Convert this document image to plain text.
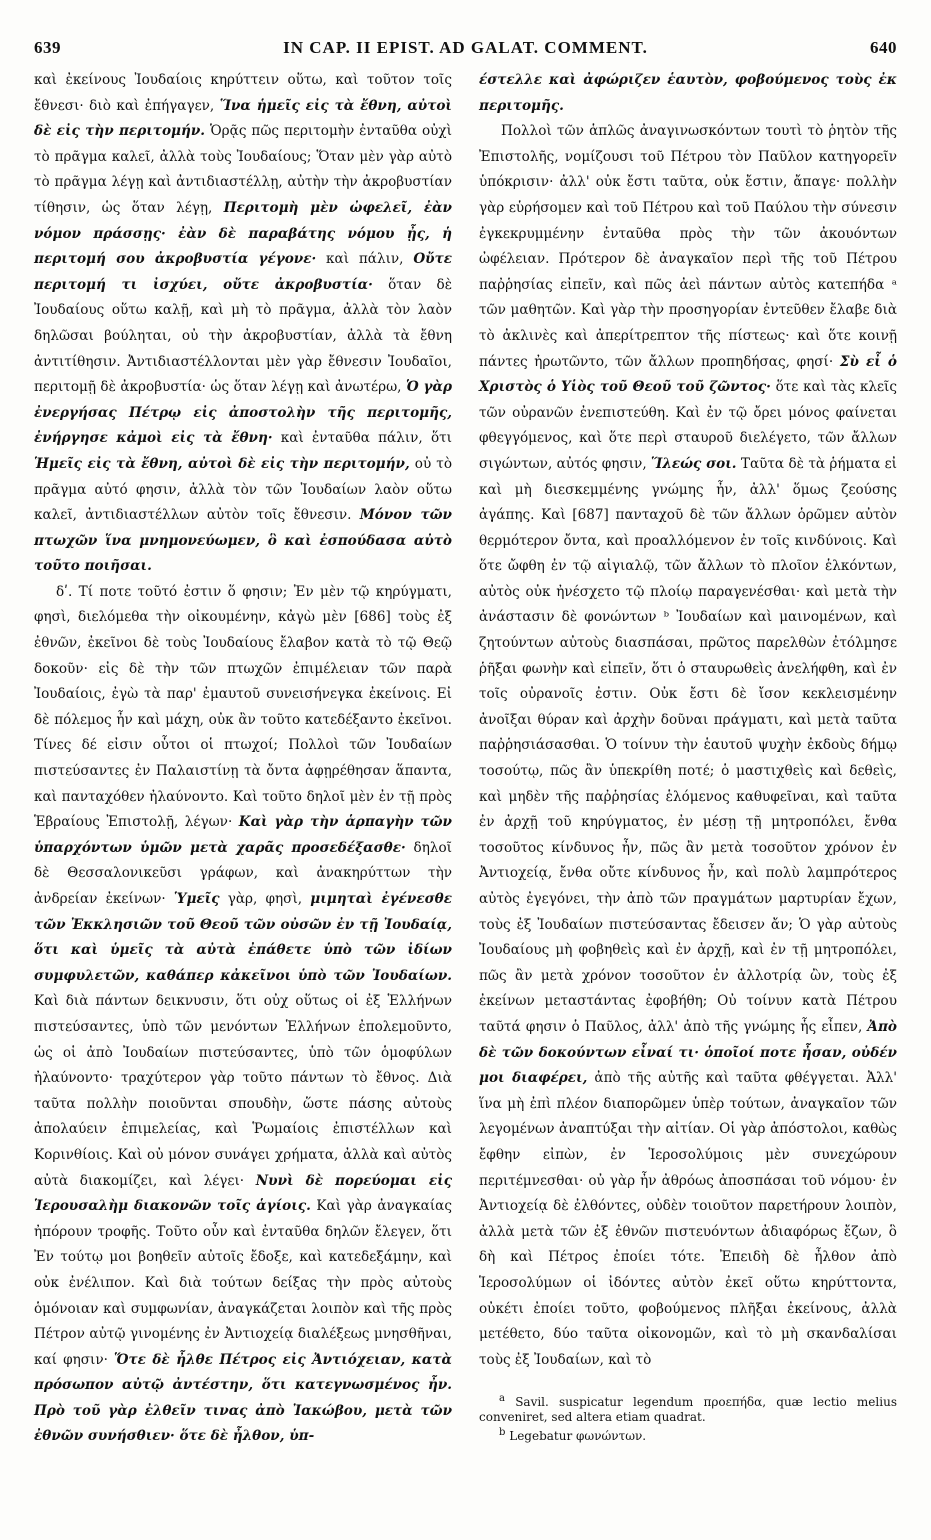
639	IN CAP. II EPIST. AD GALAT. COMMENT.	640

καὶ ἐκείνους Ἰουδαίοις κηρύττειν οὕτω, καὶ τοῦτον τοῖς ἔθνεσι· διὸ καὶ ἐπήγαγεν, Ἵνα ἡμεῖς εἰς τὰ ἔθνη, αὐτοὶ δὲ εἰς τὴν περιτομήν. Ὁρᾷς πῶς περιτομὴν ἐνταῦθα οὐχὶ τὸ πρᾶγμα καλεῖ, ἀλλὰ τοὺς Ἰουδαίους; Ὅταν μὲν γὰρ αὐτὸ τὸ πρᾶγμα λέγῃ καὶ ἀντιδιαστέλλῃ, αὐτὴν τὴν ἀκροβυστίαν τίθησιν, ὡς ὅταν λέγῃ, Περιτομὴ μὲν ὠφελεῖ, ἐὰν νόμον πράσσῃς· ἐὰν δὲ παραβάτης νόμου ᾖς, ἡ περιτομή σου ἀκροβυστία γέγονε· καὶ πάλιν, Οὔτε περιτομή τι ἰσχύει, οὔτε ἀκροβυστία· ὅταν δὲ Ἰουδαίους οὕτω καλῇ, καὶ μὴ τὸ πρᾶγμα, ἀλλὰ τὸν λαὸν δηλῶσαι βούληται, οὐ τὴν ἀκροβυστίαν, ἀλλὰ τὰ ἔθνη ἀντιτίθησιν. Ἀντιδιαστέλλονται μὲν γὰρ ἔθνεσιν Ἰουδαῖοι, περιτομῇ δὲ ἀκροβυστία· ὡς ὅταν λέγῃ καὶ ἀνωτέρω, Ὁ γὰρ ἐνεργήσας Πέτρῳ εἰς ἀποστολὴν τῆς περιτομῆς, ἐνήργησε κἀμοὶ εἰς τὰ ἔθνη· καὶ ἐνταῦθα πάλιν, ὅτι Ἡμεῖς εἰς τὰ ἔθνη, αὐτοὶ δὲ εἰς τὴν περιτομήν, οὐ τὸ πρᾶγμα αὐτό φησιν, ἀλλὰ τὸν τῶν Ἰουδαίων λαὸν οὕτω καλεῖ, ἀντιδιαστέλλων αὐτὸν τοῖς ἔθνεσιν. Μόνον τῶν πτωχῶν ἵνα μνημονεύωμεν, ὃ καὶ ἐσπούδασα αὐτὸ τοῦτο ποιῆσαι.

δʹ. Τί ποτε τοῦτό ἐστιν ὅ φησιν; Ἐν μὲν τῷ κηρύγματι, φησὶ, διελόμεθα τὴν οἰκουμένην, κἀγὼ μὲν [686] τοὺς ἐξ ἐθνῶν, ἐκεῖνοι δὲ τοὺς Ἰουδαίους ἔλαβον κατὰ τὸ τῷ Θεῷ δοκοῦν· εἰς δὲ τὴν τῶν πτωχῶν ἐπιμέλειαν τῶν παρὰ Ἰουδαίοις, ἐγὼ τὰ παρ' ἐμαυτοῦ συνεισήνεγκα ἐκείνοις. Εἰ δὲ πόλεμος ἦν καὶ μάχη, οὐκ ἂν τοῦτο κατεδέξαντο ἐκεῖνοι. Τίνες δέ εἰσιν οὗτοι οἱ πτωχοί; Πολλοὶ τῶν Ἰουδαίων πιστεύσαντες ἐν Παλαιστίνῃ τὰ ὄντα ἀφῃρέθησαν ἅπαντα, καὶ πανταχόθεν ἠλαύνοντο. Καὶ τοῦτο δηλοῖ μὲν ἐν τῇ πρὸς Ἑβραίους Ἐπιστολῇ, λέγων· Καὶ γὰρ τὴν ἁρπαγὴν τῶν ὑπαρχόντων ὑμῶν μετὰ χαρᾶς προσεδέξασθε· δηλοῖ δὲ Θεσσαλονικεῦσι γράφων, καὶ ἀνακηρύττων τὴν ἀνδρείαν ἐκείνων· Ὑμεῖς γὰρ, φησὶ, μιμηταὶ ἐγένεσθε τῶν Ἐκκλησιῶν τοῦ Θεοῦ τῶν οὐσῶν ἐν τῇ Ἰουδαίᾳ, ὅτι καὶ ὑμεῖς τὰ αὐτὰ ἐπάθετε ὑπὸ τῶν ἰδίων συμφυλετῶν, καθάπερ κἀκεῖνοι ὑπὸ τῶν Ἰουδαίων. Καὶ διὰ πάντων δεικνυσιν, ὅτι οὐχ οὕτως οἱ ἐξ Ἑλλήνων πιστεύσαντες, ὑπὸ τῶν μενόντων Ἑλλήνων ἐπολεμοῦντο, ὡς οἱ ἀπὸ Ἰουδαίων πιστεύσαντες, ὑπὸ τῶν ὁμοφύλων ἠλαύνοντο· τραχύτερον γὰρ τοῦτο πάντων τὸ ἔθνος. Διὰ ταῦτα πολλὴν ποιοῦνται σπουδὴν, ὥστε πάσης αὐτοὺς ἀπολαύειν ἐπιμελείας, καὶ Ῥωμαίοις ἐπιστέλλων καὶ Κορινθίοις. Καὶ οὐ μόνον συνάγει χρήματα, ἀλλὰ καὶ αὐτὸς αὐτὰ διακομίζει, καὶ λέγει· Νυνὶ δὲ πορεύομαι εἰς Ἱερουσαλὴμ διακονῶν τοῖς ἁγίοις. Καὶ γὰρ ἀναγκαίας ἠπόρουν τροφῆς. Τοῦτο οὖν καὶ ἐνταῦθα δηλῶν ἔλεγεν, ὅτι Ἐν τούτῳ μοι βοηθεῖν αὐτοῖς ἔδοξε, καὶ κατεδεξάμην, καὶ οὐκ ἐνέλιπον. Καὶ διὰ τούτων δείξας τὴν πρὸς αὐτοὺς ὁμόνοιαν καὶ συμφωνίαν, ἀναγκάζεται λοιπὸν καὶ τῆς πρὸς Πέτρον αὐτῷ γινομένης ἐν Ἀντιοχείᾳ διαλέξεως μνησθῆναι, καί φησιν· Ὅτε δὲ ἦλθε Πέτρος εἰς Ἀντιόχειαν, κατὰ πρόσωπον αὐτῷ ἀντέστην, ὅτι κατεγνωσμένος ἦν. Πρὸ τοῦ γὰρ ἐλθεῖν τινας ἀπὸ Ἰακώβου, μετὰ τῶν ἐθνῶν συνήσθιεν· ὅτε δὲ ἦλθον, ὑπ-

έστελλε καὶ ἀφώριζεν ἑαυτὸν, φοβούμενος τοὺς ἐκ περιτομῆς.

Πολλοὶ τῶν ἁπλῶς ἀναγινωσκόντων τουτὶ τὸ ῥητὸν τῆς Ἐπιστολῆς, νομίζουσι τοῦ Πέτρου τὸν Παῦλον κατηγορεῖν ὑπόκρισιν· ἀλλ' οὐκ ἔστι ταῦτα, οὐκ ἔστιν, ἄπαγε· πολλὴν γὰρ εὑρήσομεν καὶ τοῦ Πέτρου καὶ τοῦ Παύλου τὴν σύνεσιν ἐγκεκρυμμένην ἐνταῦθα πρὸς τὴν τῶν ἀκουόντων ὠφέλειαν. Πρότερον δὲ ἀναγκαῖον περὶ τῆς τοῦ Πέτρου παῤῥησίας εἰπεῖν, καὶ πῶς ἀεὶ πάντων αὐτὸς κατεπήδα ᵃ τῶν μαθητῶν. Καὶ γὰρ τὴν προσηγορίαν ἐντεῦθεν ἔλαβε διὰ τὸ ἀκλινὲς καὶ ἀπερίτρεπτον τῆς πίστεως· καὶ ὅτε κοινῇ πάντες ἠρωτῶντο, τῶν ἄλλων προπηδήσας, φησί· Σὺ εἶ ὁ Χριστὸς ὁ Υἱὸς τοῦ Θεοῦ τοῦ ζῶντος· ὅτε καὶ τὰς κλεῖς τῶν οὐρανῶν ἐνεπιστεύθη. Καὶ ἐν τῷ ὄρει μόνος φαίνεται φθεγγόμενος, καὶ ὅτε περὶ σταυροῦ διελέγετο, τῶν ἄλλων σιγώντων, αὐτός φησιν, Ἵλεώς σοι. Ταῦτα δὲ τὰ ῥήματα εἰ καὶ μὴ διεσκεμμένης γνώμης ἦν, ἀλλ' ὅμως ζεούσης ἀγάπης. Καὶ [687] πανταχοῦ δὲ τῶν ἄλλων ὁρῶμεν αὐτὸν θερμότερον ὄντα, καὶ προαλλόμενον ἐν τοῖς κινδύνοις. Καὶ ὅτε ὤφθη ἐν τῷ αἰγιαλῷ, τῶν ἄλλων τὸ πλοῖον ἑλκόντων, αὐτὸς οὐκ ἠνέσχετο τῷ πλοίῳ παραγενέσθαι· καὶ μετὰ τὴν ἀνάστασιν δὲ φονώντων ᵇ Ἰουδαίων καὶ μαινομένων, καὶ ζητούντων αὐτοὺς διασπάσαι, πρῶτος παρελθὼν ἐτόλμησε ῥῆξαι φωνὴν καὶ εἰπεῖν, ὅτι ὁ σταυρωθεὶς ἀνελήφθη, καὶ ἐν τοῖς οὐρανοῖς ἐστιν. Οὐκ ἔστι δὲ ἴσον κεκλεισμένην ἀνοῖξαι θύραν καὶ ἀρχὴν δοῦναι πράγματι, καὶ μετὰ ταῦτα παῤῥησιάσασθαι. Ὁ τοίνυν τὴν ἑαυτοῦ ψυχὴν ἐκδοὺς δήμῳ τοσούτῳ, πῶς ἂν ὑπεκρίθη ποτέ; ὁ μαστιχθεὶς καὶ δεθεὶς, καὶ μηδὲν τῆς παῤῥησίας ἑλόμενος καθυφεῖναι, καὶ ταῦτα ἐν ἀρχῇ τοῦ κηρύγματος, ἐν μέσῃ τῇ μητροπόλει, ἔνθα τοσοῦτος κίνδυνος ἦν, πῶς ἂν μετὰ τοσοῦτον χρόνον ἐν Ἀντιοχείᾳ, ἔνθα οὔτε κίνδυνος ἦν, καὶ πολὺ λαμπρότερος αὐτὸς ἐγεγόνει, τὴν ἀπὸ τῶν πραγμάτων μαρτυρίαν ἔχων, τοὺς ἐξ Ἰουδαίων πιστεύσαντας ἔδεισεν ἄν; Ὁ γὰρ αὐτοὺς Ἰουδαίους μὴ φοβηθεὶς καὶ ἐν ἀρχῇ, καὶ ἐν τῇ μητροπόλει, πῶς ἂν μετὰ χρόνον τοσοῦτον ἐν ἀλλοτρίᾳ ὢν, τοὺς ἐξ ἐκείνων μεταστάντας ἐφοβήθη; Οὐ τοίνυν κατὰ Πέτρου ταῦτά φησιν ὁ Παῦλος, ἀλλ' ἀπὸ τῆς γνώμης ἧς εἶπεν, Ἀπὸ δὲ τῶν δοκούντων εἶναί τι· ὁποῖοί ποτε ἦσαν, οὐδέν μοι διαφέρει, ἀπὸ τῆς αὐτῆς καὶ ταῦτα φθέγγεται. Ἀλλ' ἵνα μὴ ἐπὶ πλέον διαπορῶμεν ὑπὲρ τούτων, ἀναγκαῖον τῶν λεγομένων ἀναπτύξαι τὴν αἰτίαν. Οἱ γὰρ ἀπόστολοι, καθὼς ἔφθην εἰπὼν, ἐν Ἱεροσολύμοις μὲν συνεχώρουν περιτέμνεσθαι· οὐ γὰρ ἦν ἀθρόως ἀποσπάσαι τοῦ νόμου· ἐν Ἀντιοχείᾳ δὲ ἐλθόντες, οὐδὲν τοιοῦτον παρετήρουν λοιπὸν, ἀλλὰ μετὰ τῶν ἐξ ἐθνῶν πιστευόντων ἀδιαφόρως ἔζων, ὃ δὴ καὶ Πέτρος ἐποίει τότε. Ἐπειδὴ δὲ ἦλθον ἀπὸ Ἱεροσολύμων οἱ ἰδόντες αὐτὸν ἐκεῖ οὕτω κηρύττοντα, οὐκέτι ἐποίει τοῦτο, φοβούμενος πλῆξαι ἐκείνους, ἀλλὰ μετέθετο, δύο ταῦτα οἰκονομῶν, καὶ τὸ μὴ σκανδαλίσαι τοὺς ἐξ Ἰουδαίων, καὶ τὸ

$^a$ Savil. suspicatur legendum προεπήδα, quæ lectio melius conveniret, sed altera etiam quadrat.

$^b$ Legebatur φωνώντων.
